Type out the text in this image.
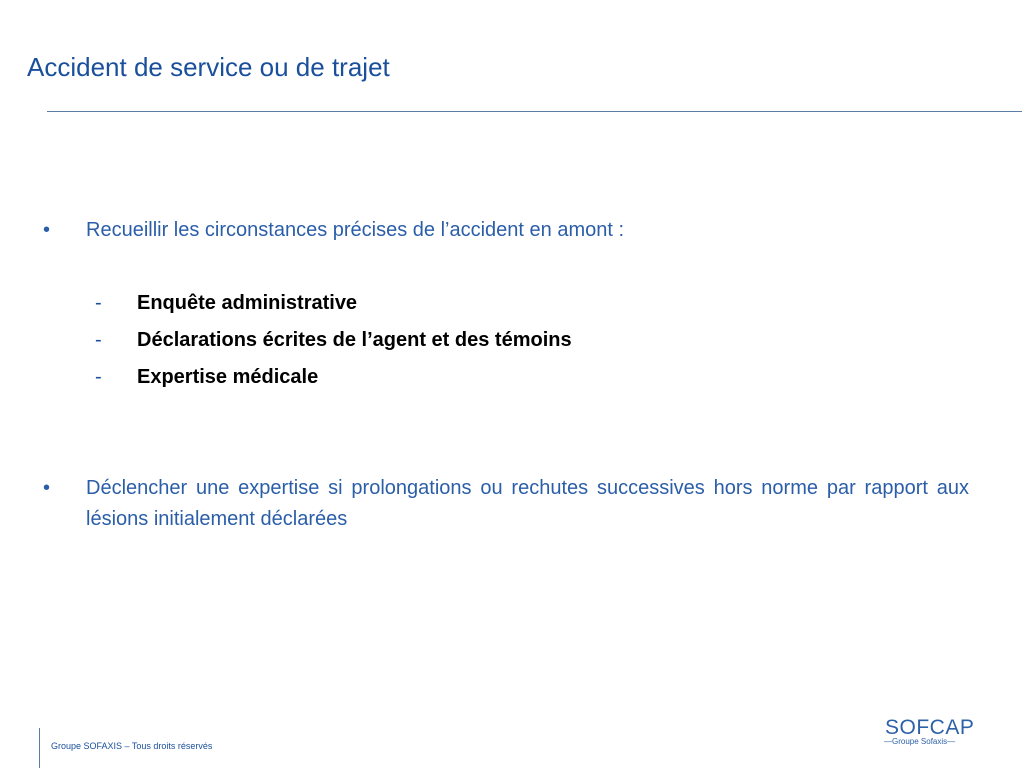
Accident de service ou de trajet
• Recueillir les circonstances précises de l’accident en amont :
- Enquête administrative
- Déclarations écrites de l’agent et des témoins
- Expertise médicale
• Déclencher une expertise si prolongations ou rechutes successives hors norme par rapport aux lésions initialement déclarées
Groupe SOFAXIS – Tous droits réservés
SOFCAP
—Groupe Sofaxis—
